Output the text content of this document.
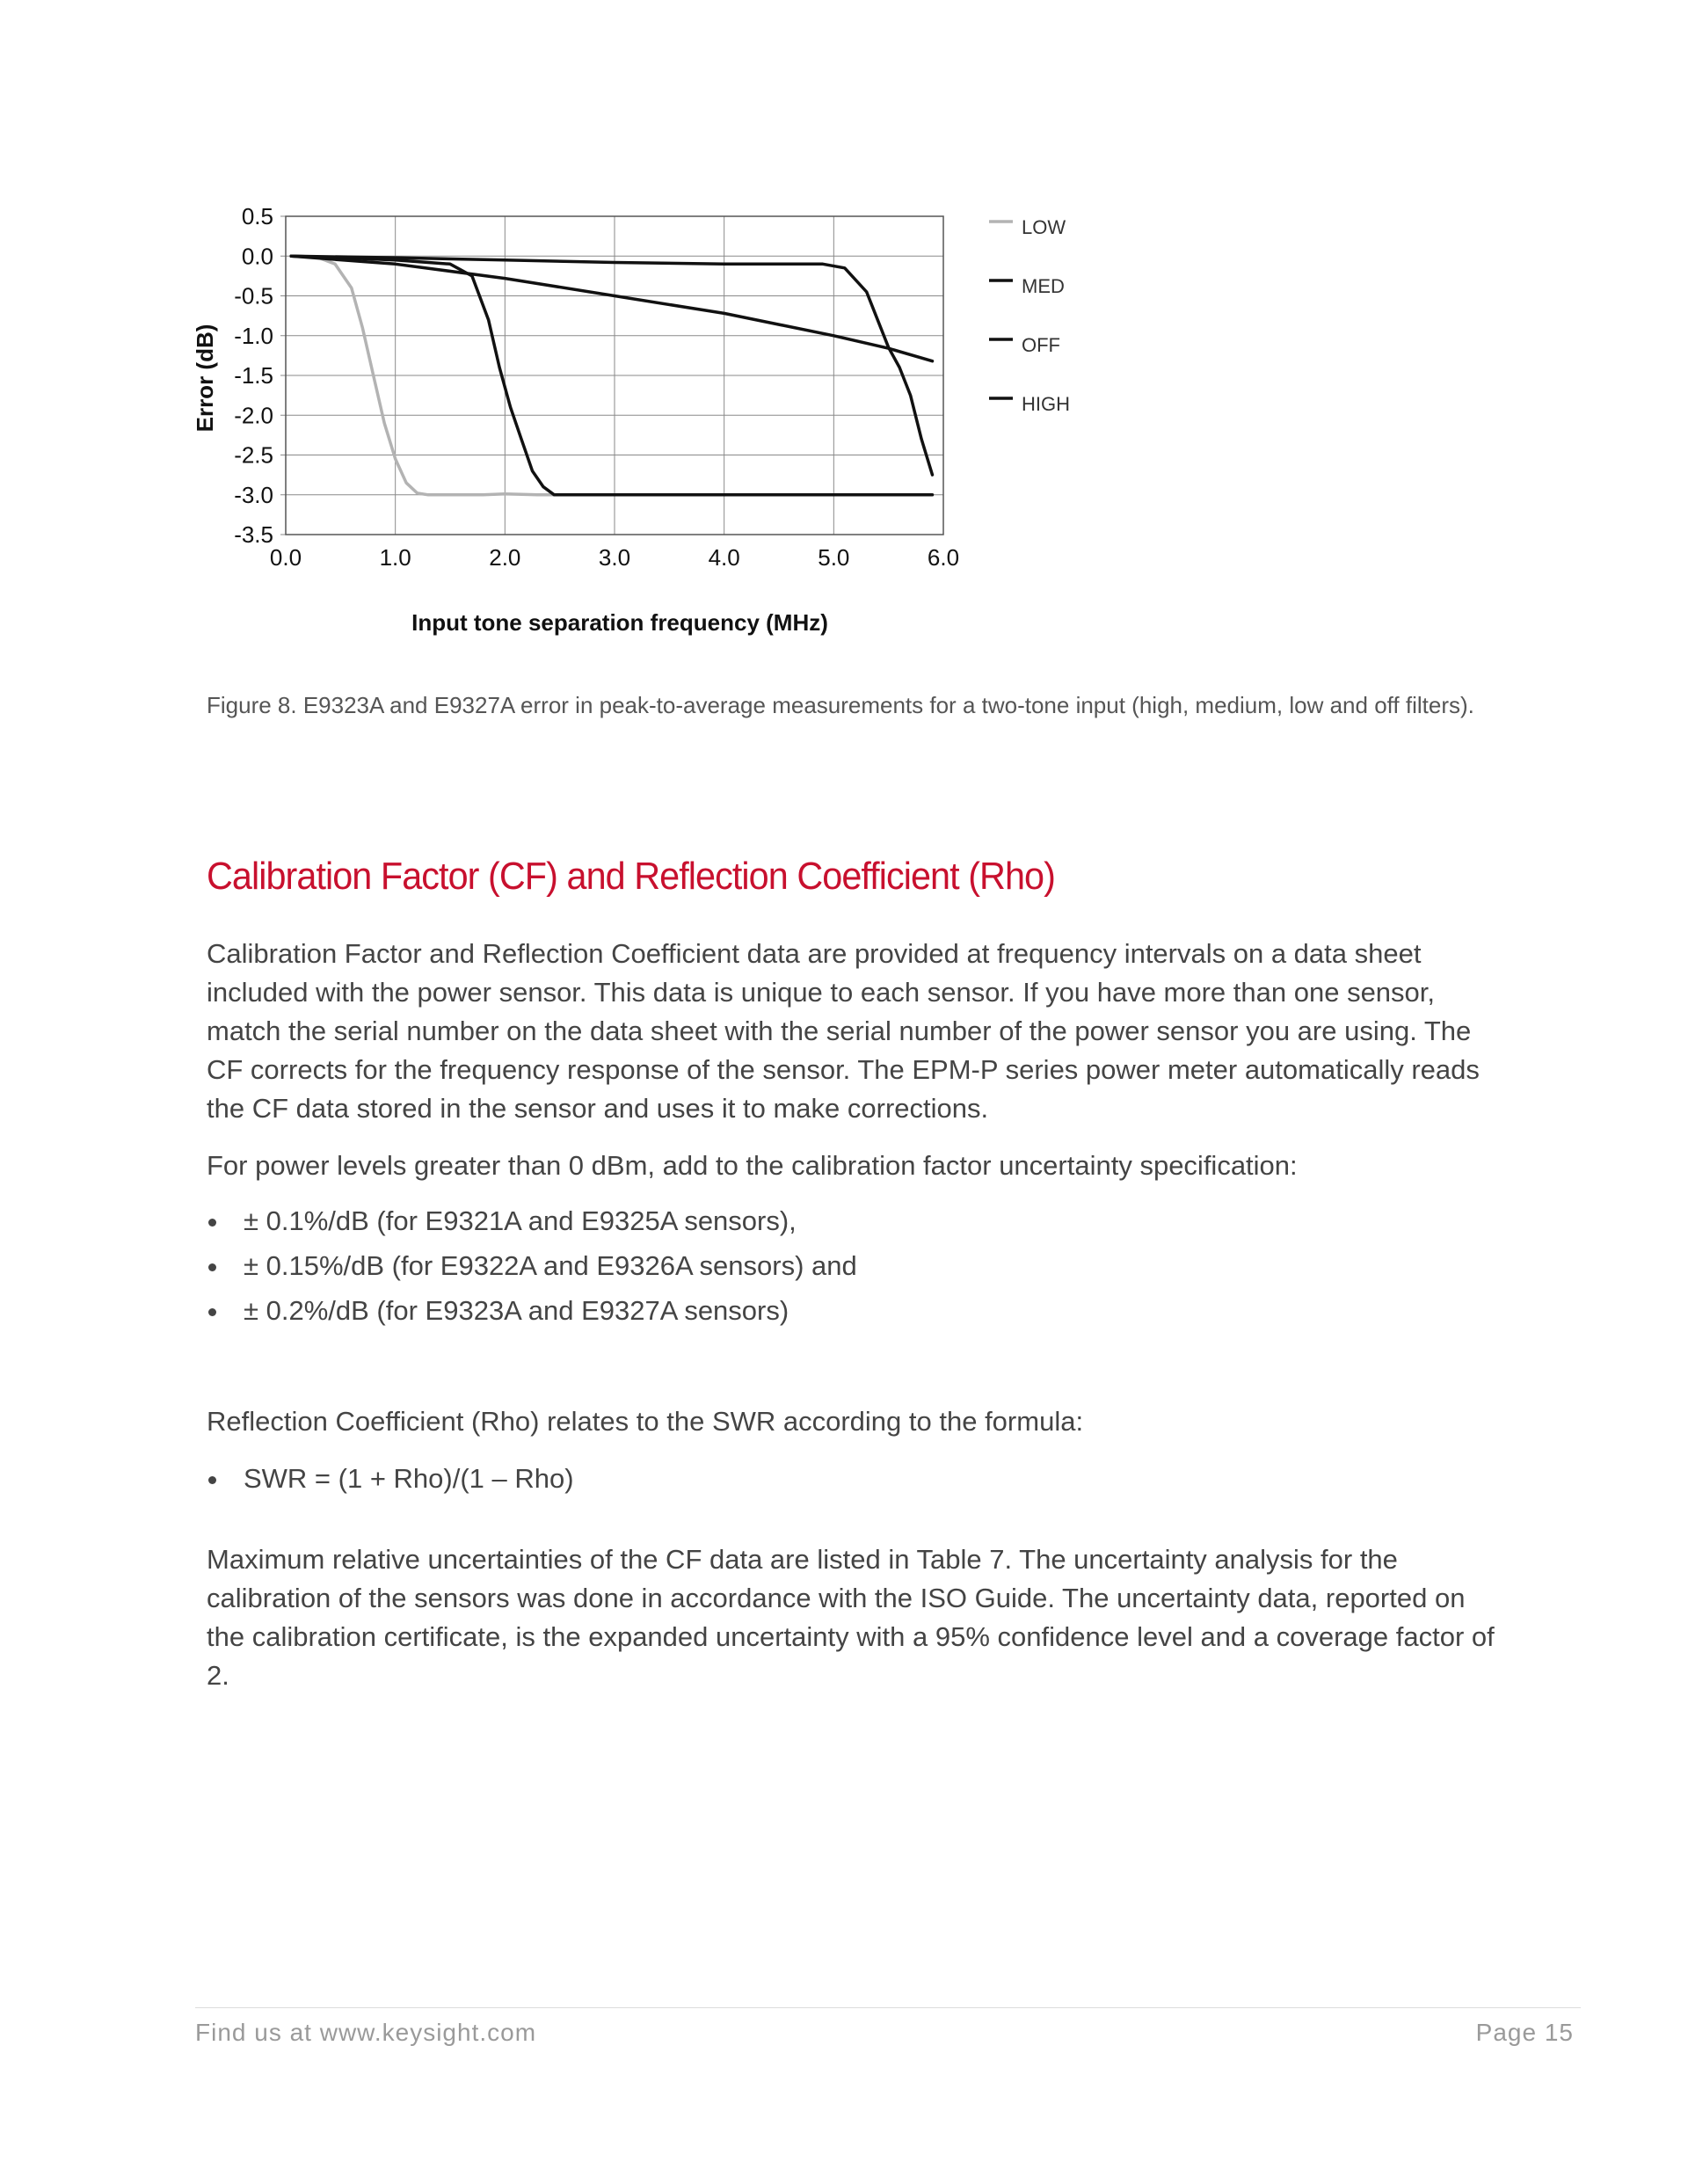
0.0	1.0	2.0	3.0	4.0	5.0	6.0
0.5
0.0
-0.5
-1.0
-1.5
-2.0
-2.5
-3.0
-3.5
LOW
MED
OFF
HIGH
Error (dB)
Input tone separation frequency (MHz)
Figure 8. E9323A and E9327A error in peak-to-average measurements for a two-tone input (high, medium, low and off filters).
Calibration Factor (CF) and Reflection Coefficient (Rho)
Calibration Factor and Reflection Coefficient data are provided at frequency intervals on a data sheet included with the power sensor. This data is unique to each sensor. If you have more than one sensor, match the serial number on the data sheet with the serial number of the power sensor you are using. The CF corrects for the frequency response of the sensor. The EPM-P series power meter automatically reads the CF data stored in the sensor and uses it to make corrections.
For power levels greater than 0 dBm, add to the calibration factor uncertainty specification:
± 0.1%/dB (for E9321A and E9325A sensors),
± 0.15%/dB (for E9322A and E9326A sensors) and
± 0.2%/dB (for E9323A and E9327A sensors)
Reflection Coefficient (Rho) relates to the SWR according to the formula:
SWR = (1 + Rho)/(1 – Rho)
Maximum relative uncertainties of the CF data are listed in Table 7. The uncertainty analysis for the calibration of the sensors was done in accordance with the ISO Guide. The uncertainty data, reported on the calibration certificate, is the expanded uncertainty with a 95% confidence level and a coverage factor of 2.
Find us at www.keysight.com	Page 15
